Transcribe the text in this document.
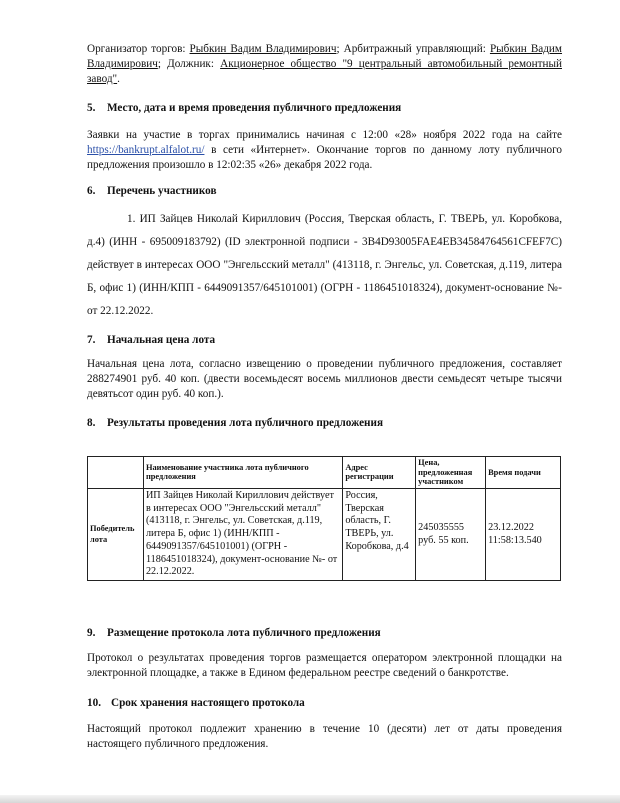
Организатор торгов: Рыбкин Вадим Владимирович; Арбитражный управляющий: Рыбкин Вадим Владимирович; Должник: Акционерное общество "9 центральный автомобильный ремонтный завод".

5. Место, дата и время проведения публичного предложения

Заявки на участие в торгах принимались начиная с 12:00 «28» ноября 2022 года на сайте https://bankrupt.alfalot.ru/ в сети «Интернет». Окончание торгов по данному лоту публичного предложения произошло в 12:02:35 «26» декабря 2022 года.

6. Перечень участников

1. ИП Зайцев Николай Кириллович (Россия, Тверская область, Г. ТВЕРЬ, ул. Коробкова, д.4) (ИНН - 695009183792) (ID электронной подписи - 3B4D93005FAE4EB34584764561CFEF7C) действует в интересах ООО "Энгельсский металл" (413118, г. Энгельс, ул. Советская, д.119, литера Б, офис 1) (ИНН/КПП - 6449091357/645101001) (ОГРН - 1186451018324), документ-основание №- от 22.12.2022.

7. Начальная цена лота

Начальная цена лота, согласно извещению о проведении публичного предложения, составляет 288274901 руб. 40 коп. (двести восемьдесят восемь миллионов двести семьдесят четыре тысячи девятьсот один руб. 40 коп.).

8. Результаты проведения лота публичного предложения

	Наименование участника лота публичного предложения	Адрес регистрации	Цена, предложенная участником	Время подачи
Победитель лота	ИП Зайцев Николай Кириллович действует в интересах ООО "Энгельсский металл" (413118, г. Энгельс, ул. Советская, д.119, литера Б, офис 1) (ИНН/КПП - 6449091357/645101001) (ОГРН - 1186451018324), документ-основание №- от 22.12.2022.	Россия, Тверская область, Г. ТВЕРЬ, ул. Коробкова, д.4	245035555 руб. 55 коп.	23.12.2022 11:58:13.540

9. Размещение протокола лота публичного предложения

Протокол о результатах проведения торгов размещается оператором электронной площадки на электронной площадке, а также в Едином федеральном реестре сведений о банкротстве.

10. Срок хранения настоящего протокола

Настоящий протокол подлежит хранению в течение 10 (десяти) лет от даты проведения настоящего публичного предложения.
